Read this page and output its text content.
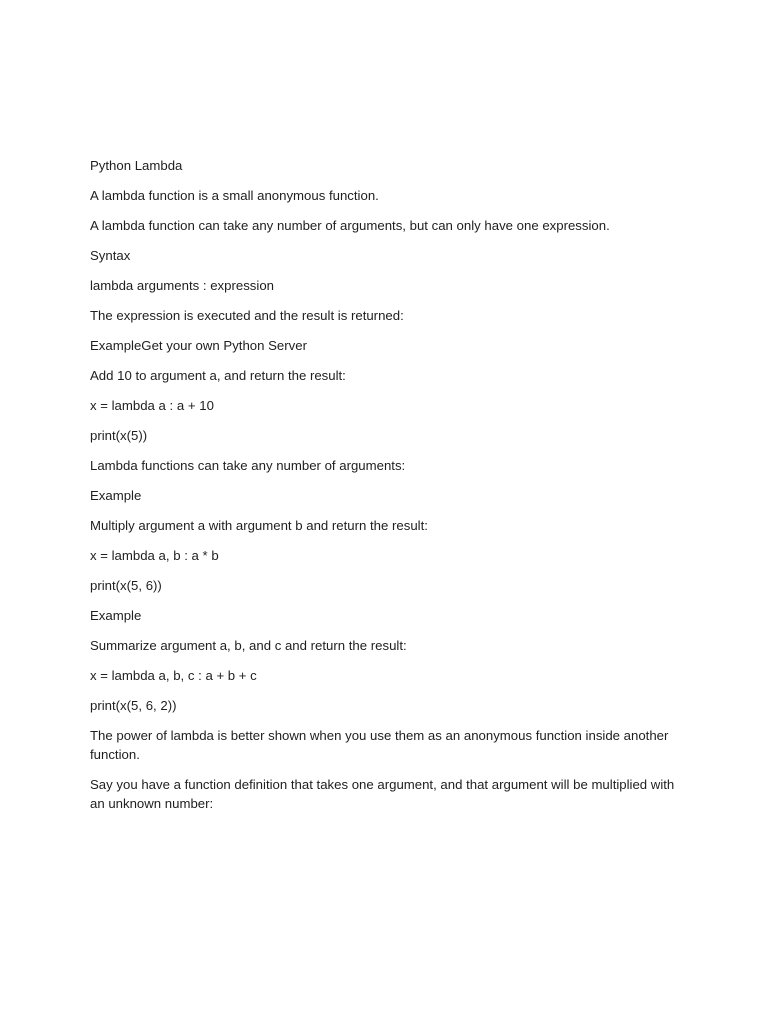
Python Lambda

A lambda function is a small anonymous function.

A lambda function can take any number of arguments, but can only have one expression.

Syntax

lambda arguments : expression

The expression is executed and the result is returned:

ExampleGet your own Python Server

Add 10 to argument a, and return the result:

x = lambda a : a + 10

print(x(5))

Lambda functions can take any number of arguments:

Example

Multiply argument a with argument b and return the result:

x = lambda a, b : a * b

print(x(5, 6))

Example

Summarize argument a, b, and c and return the result:

x = lambda a, b, c : a + b + c

print(x(5, 6, 2))

The power of lambda is better shown when you use them as an anonymous function inside another function.

Say you have a function definition that takes one argument, and that argument will be multiplied with an unknown number:
